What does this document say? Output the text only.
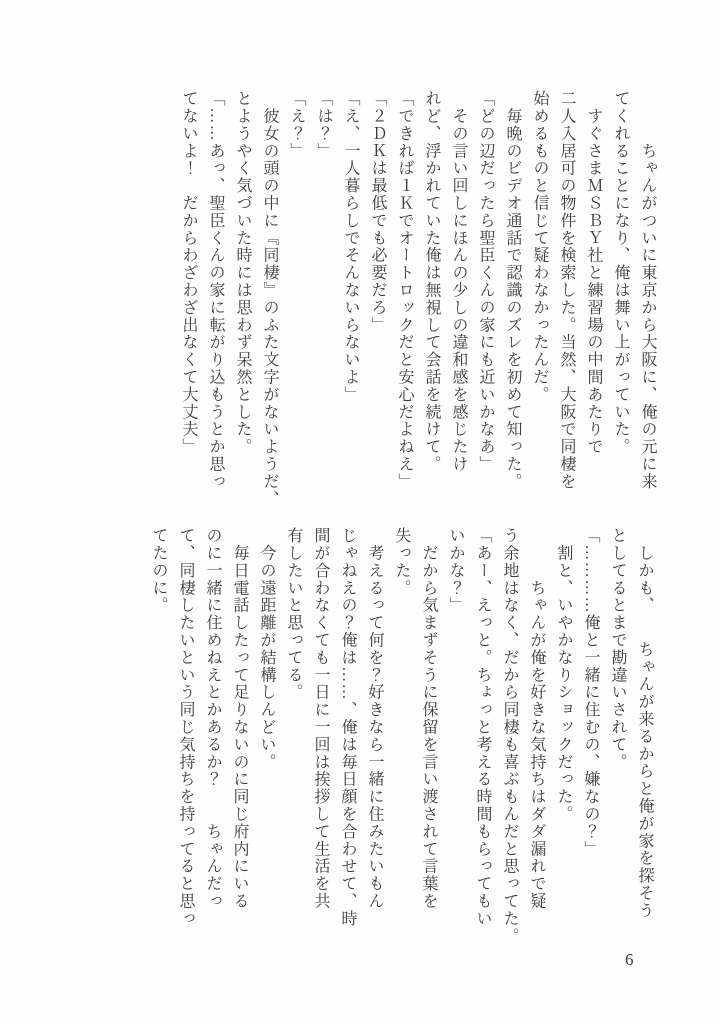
　　　ちゃんがついに東京から大阪に、俺の元に来

てくれることになり、俺は舞い上がっていた。

　すぐさまＭＳＢＹ社と練習場の中間あたりで

二人入居可の物件を検索した。当然、大阪で同棲を

始めるものと信じて疑わなかったんだ。

　毎晩のビデオ通話で認識のズレを初めて知った。

「どの辺だったら聖臣くんの家にも近いかなあ」

　その言い回しにほんの少しの違和感を感じたけ

れど、浮かれていた俺は無視して会話を続けて。

「できれば１Ｋでオートロックだと安心だよねえ」

「２ＤＫは最低でも必要だろ」

「え、一人暮らしでそんないらないよ」

「は？」

「え？」

　彼女の頭の中に『同棲』のふた文字がないようだ、

とようやく気づいた時には思わず呆然とした。

「……あっ、聖臣くんの家に転がり込もうとか思っ

てないよ！　だからわざわざ出なくて大丈夫」

　しかも、　　ちゃんが来るからと俺が家を探そう

としてるとまで勘違いされて。

「…………俺と一緒に住むの、嫌なの？」

　割と、いやかなりショックだった。

　　　ちゃんが俺を好きな気持ちはダダ漏れで疑

う余地はなく、だから同棲も喜ぶもんだと思ってた。

「あー、えっと。ちょっと考える時間もらってもい

いかな？」

　だから気まずそうに保留を言い渡されて言葉を

失った。

　考えるって何を？好きなら一緒に住みたいもん

じゃねえの？俺は……、俺は毎日顔を合わせて、時

間が合わなくても一日に一回は挨拶して生活を共

有したいと思ってる。

　今の遠距離が結構しんどい。

　毎日電話したって足りないのに同じ府内にいる

のに一緒に住めねえとかあるか？　　ちゃんだっ

て、同棲したいという同じ気持ちを持ってると思っ

てたのに。

6
